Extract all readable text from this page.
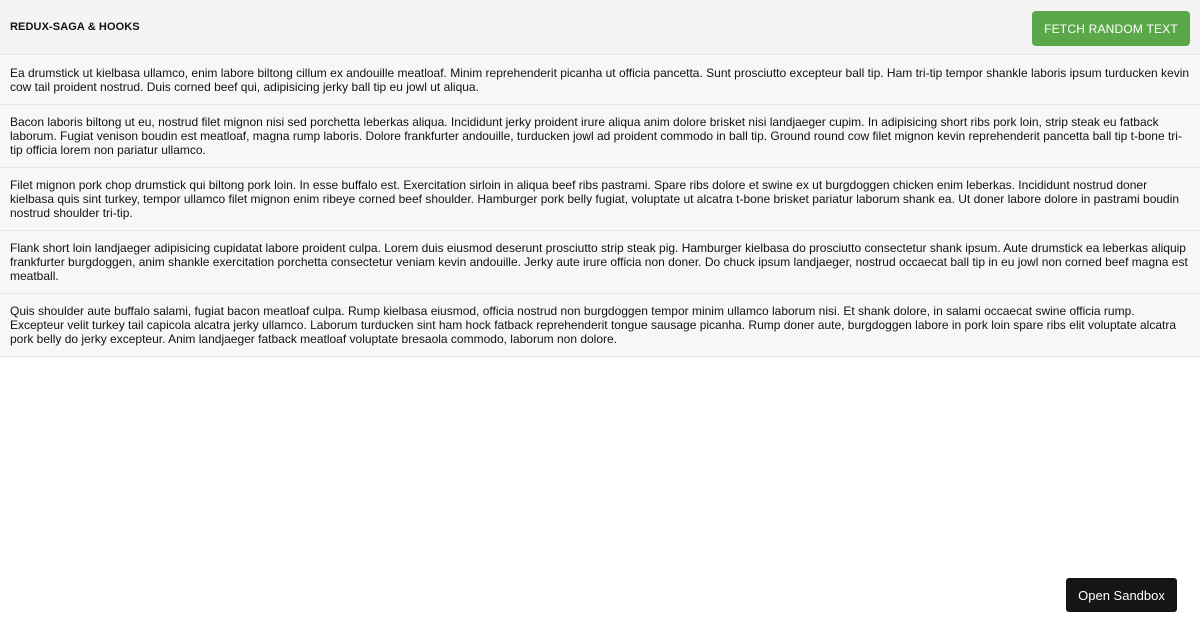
REDUX-SAGA & HOOKS	FETCH RANDOM TEXT
Ea drumstick ut kielbasa ullamco, enim labore biltong cillum ex andouille meatloaf. Minim reprehenderit picanha ut officia pancetta. Sunt prosciutto excepteur ball tip. Ham tri-tip tempor shankle laboris ipsum turducken kevin cow tail proident nostrud. Duis corned beef qui, adipisicing jerky ball tip eu jowl ut aliqua.
Bacon laboris biltong ut eu, nostrud filet mignon nisi sed porchetta leberkas aliqua. Incididunt jerky proident irure aliqua anim dolore brisket nisi landjaeger cupim. In adipisicing short ribs pork loin, strip steak eu fatback laborum. Fugiat venison boudin est meatloaf, magna rump laboris. Dolore frankfurter andouille, turducken jowl ad proident commodo in ball tip. Ground round cow filet mignon kevin reprehenderit pancetta ball tip t-bone tri-tip officia lorem non pariatur ullamco.
Filet mignon pork chop drumstick qui biltong pork loin. In esse buffalo est. Exercitation sirloin in aliqua beef ribs pastrami. Spare ribs dolore et swine ex ut burgdoggen chicken enim leberkas. Incididunt nostrud doner kielbasa quis sint turkey, tempor ullamco filet mignon enim ribeye corned beef shoulder. Hamburger pork belly fugiat, voluptate ut alcatra t-bone brisket pariatur laborum shank ea. Ut doner labore dolore in pastrami boudin nostrud shoulder tri-tip.
Flank short loin landjaeger adipisicing cupidatat labore proident culpa. Lorem duis eiusmod deserunt prosciutto strip steak pig. Hamburger kielbasa do prosciutto consectetur shank ipsum. Aute drumstick ea leberkas aliquip frankfurter burgdoggen, anim shankle exercitation porchetta consectetur veniam kevin andouille. Jerky aute irure officia non doner. Do chuck ipsum landjaeger, nostrud occaecat ball tip in eu jowl non corned beef magna est meatball.
Quis shoulder aute buffalo salami, fugiat bacon meatloaf culpa. Rump kielbasa eiusmod, officia nostrud non burgdoggen tempor minim ullamco laborum nisi. Et shank dolore, in salami occaecat swine officia rump. Excepteur velit turkey tail capicola alcatra jerky ullamco. Laborum turducken sint ham hock fatback reprehenderit tongue sausage picanha. Rump doner aute, burgdoggen labore in pork loin spare ribs elit voluptate alcatra pork belly do jerky excepteur. Anim landjaeger fatback meatloaf voluptate bresaola commodo, laborum non dolore.
Open Sandbox
